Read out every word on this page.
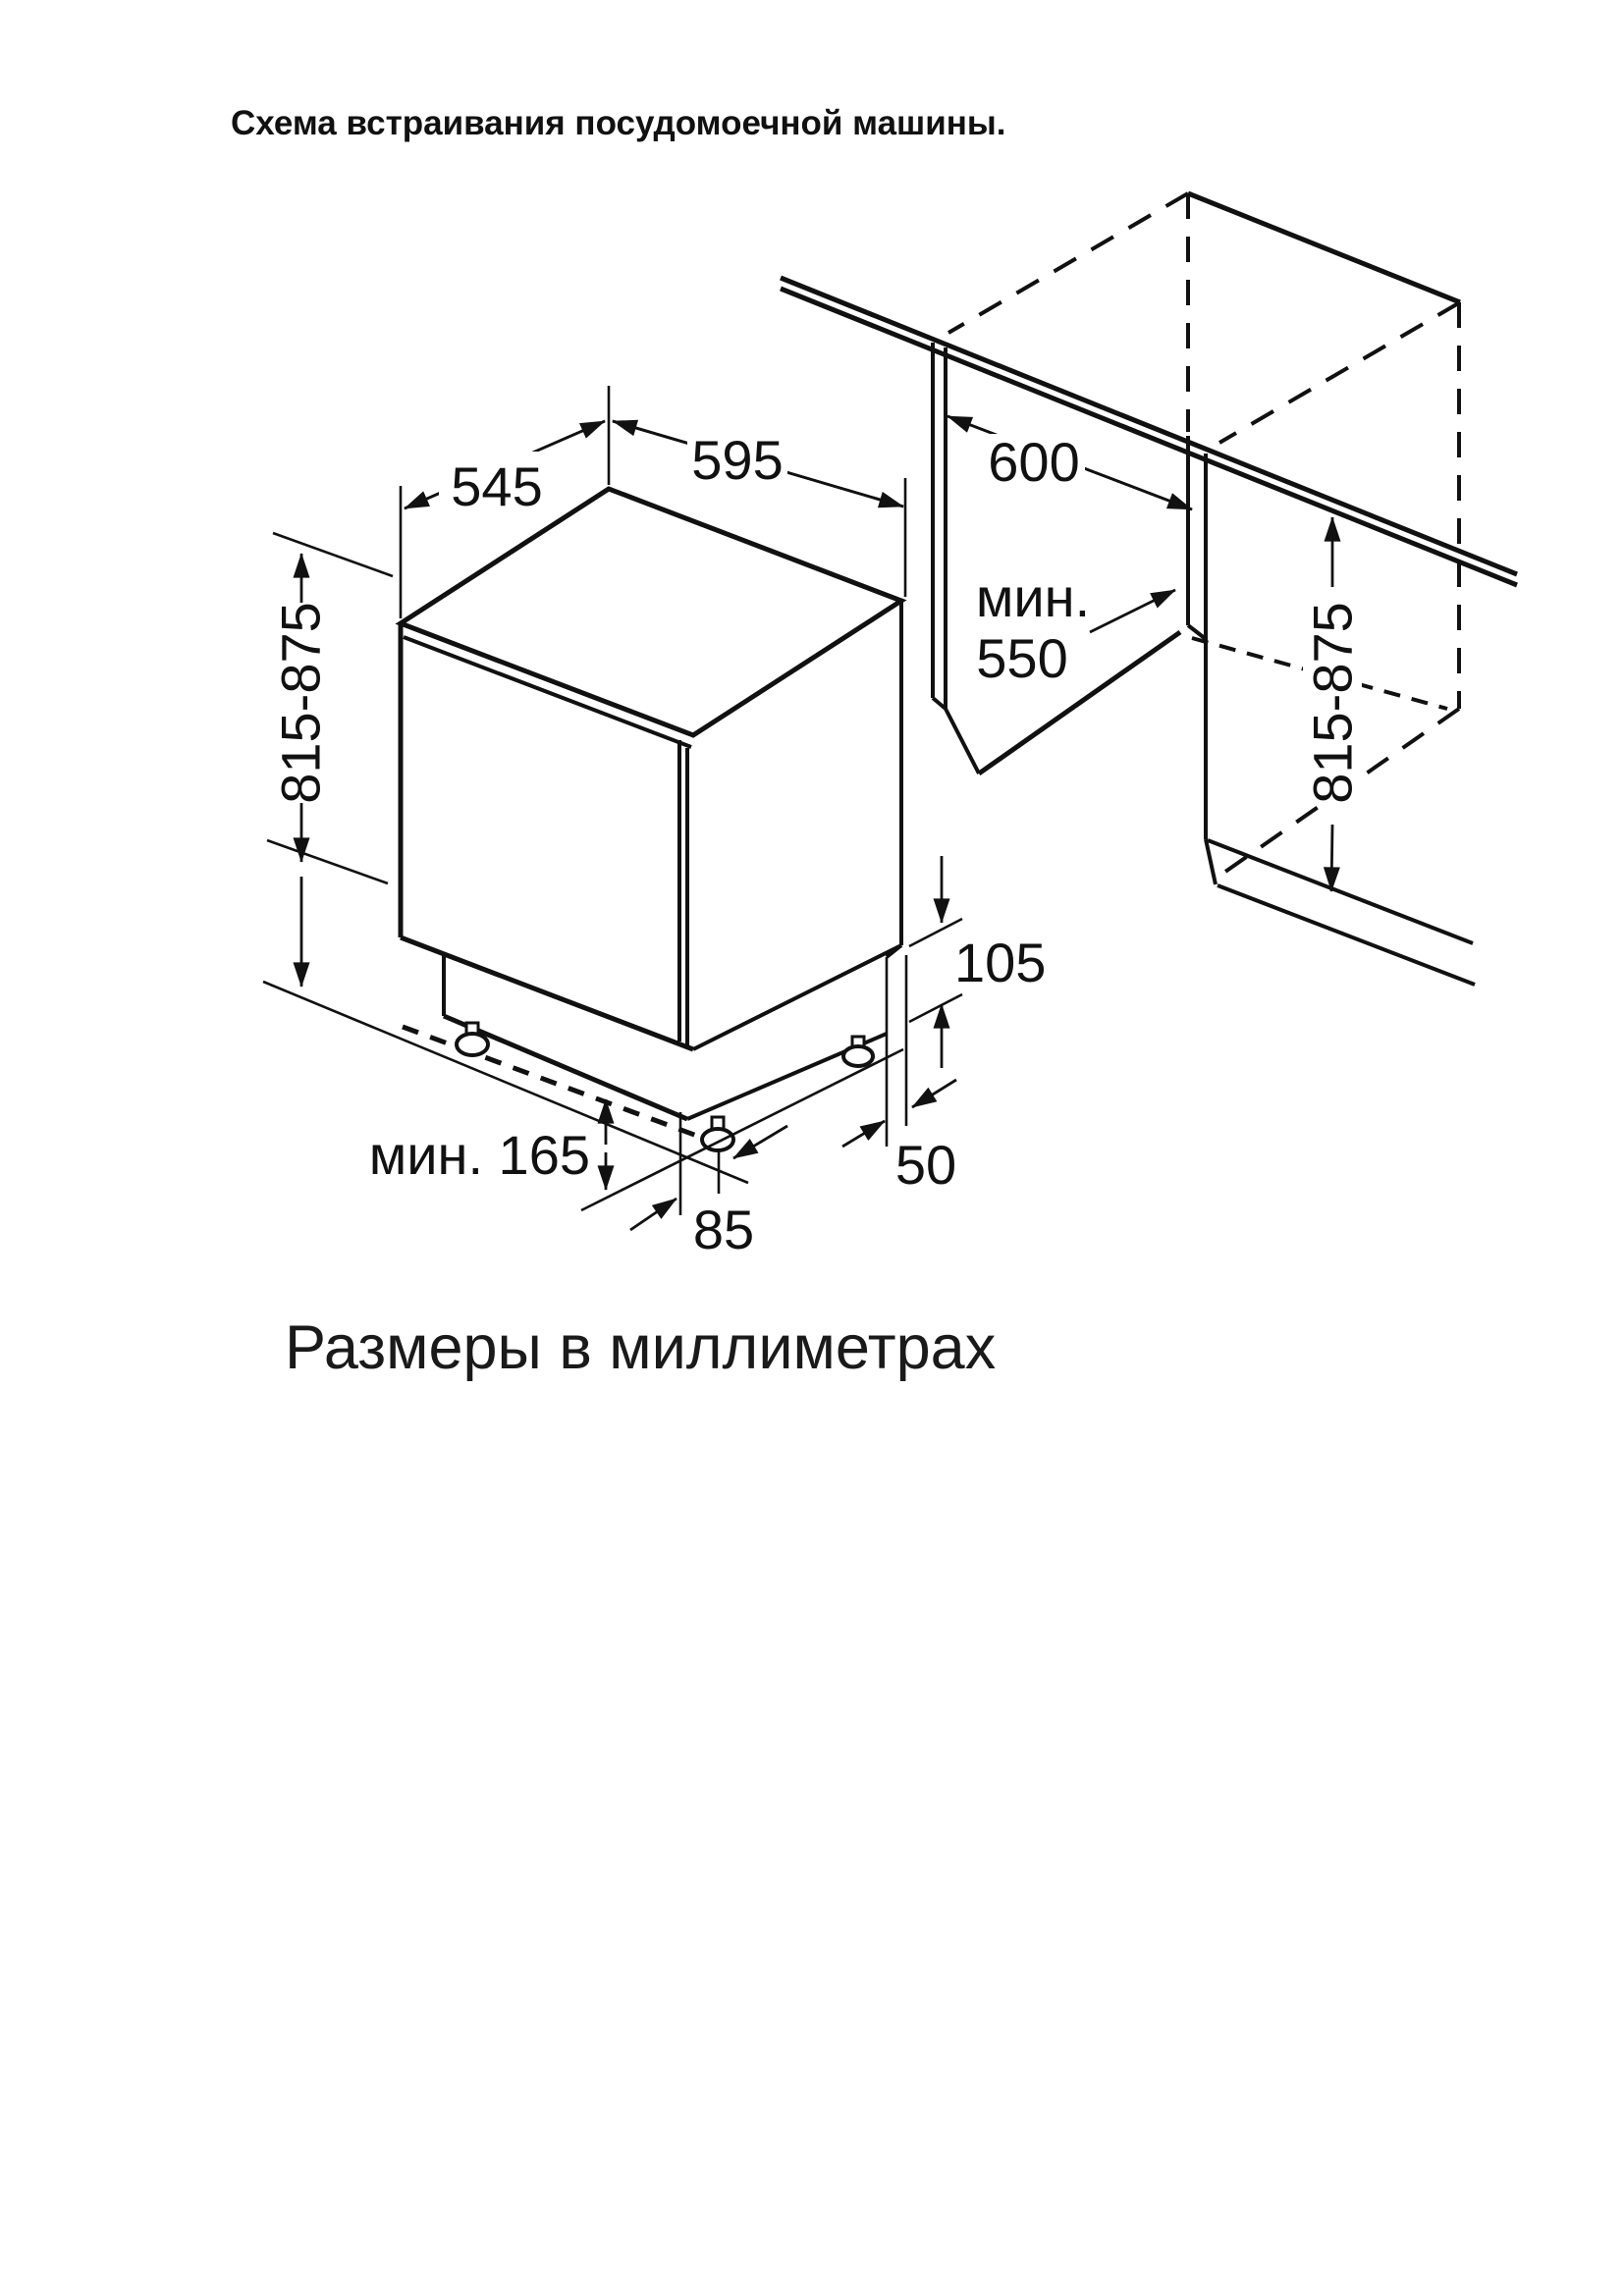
545	595	600
мин.
550
815-875	815-875
105
50
мин. 165
85
Схема встраивания посудомоечной машины.
Размеры в миллиметрах
